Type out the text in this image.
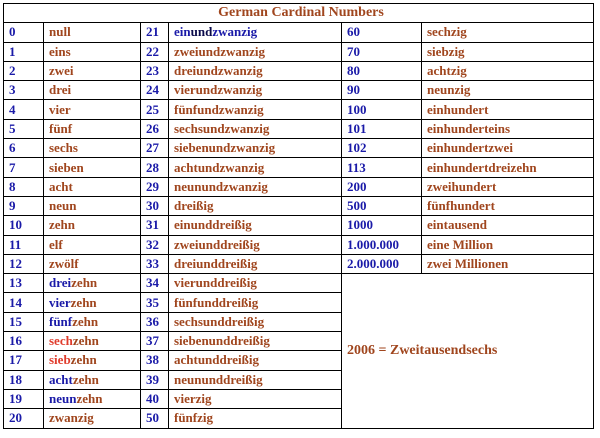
German Cardinal Numbers					
0	null	21	einundzwanzig	60	sechzig
1	eins	22	zweiundzwanzig	70	siebzig
2	zwei	23	dreiundzwanzig	80	achtzig
3	drei	24	vierundzwanzig	90	neunzig
4	vier	25	fünfundzwanzig	100	einhundert
5	fünf	26	sechsundzwanzig	101	einhunderteins
6	sechs	27	siebenundzwanzig	102	einhundertzwei
7	sieben	28	achtundzwanzig	113	einhundertdreizehn
8	acht	29	neunundzwanzig	200	zweihundert
9	neun	30	dreißig	500	fünfhundert
10	zehn	31	einunddreißig	1000	eintausend
11	elf	32	zweiunddreißig	1.000.000	eine Million
12	zwölf	33	dreiunddreißig	2.000.000	zwei Millionen
13	dreizehn	34	vierunddreißig	2006 = Zweitausendsechs	
14	vierzehn	35	fünfunddreißig		
15	fünfzehn	36	sechsunddreißig		
16	sechzehn	37	siebenunddreißig		
17	siebzehn	38	achtunddreißig		
18	achtzehn	39	neununddreißig		
19	neunzehn	40	vierzig		
20	zwanzig	50	fünfzig		
